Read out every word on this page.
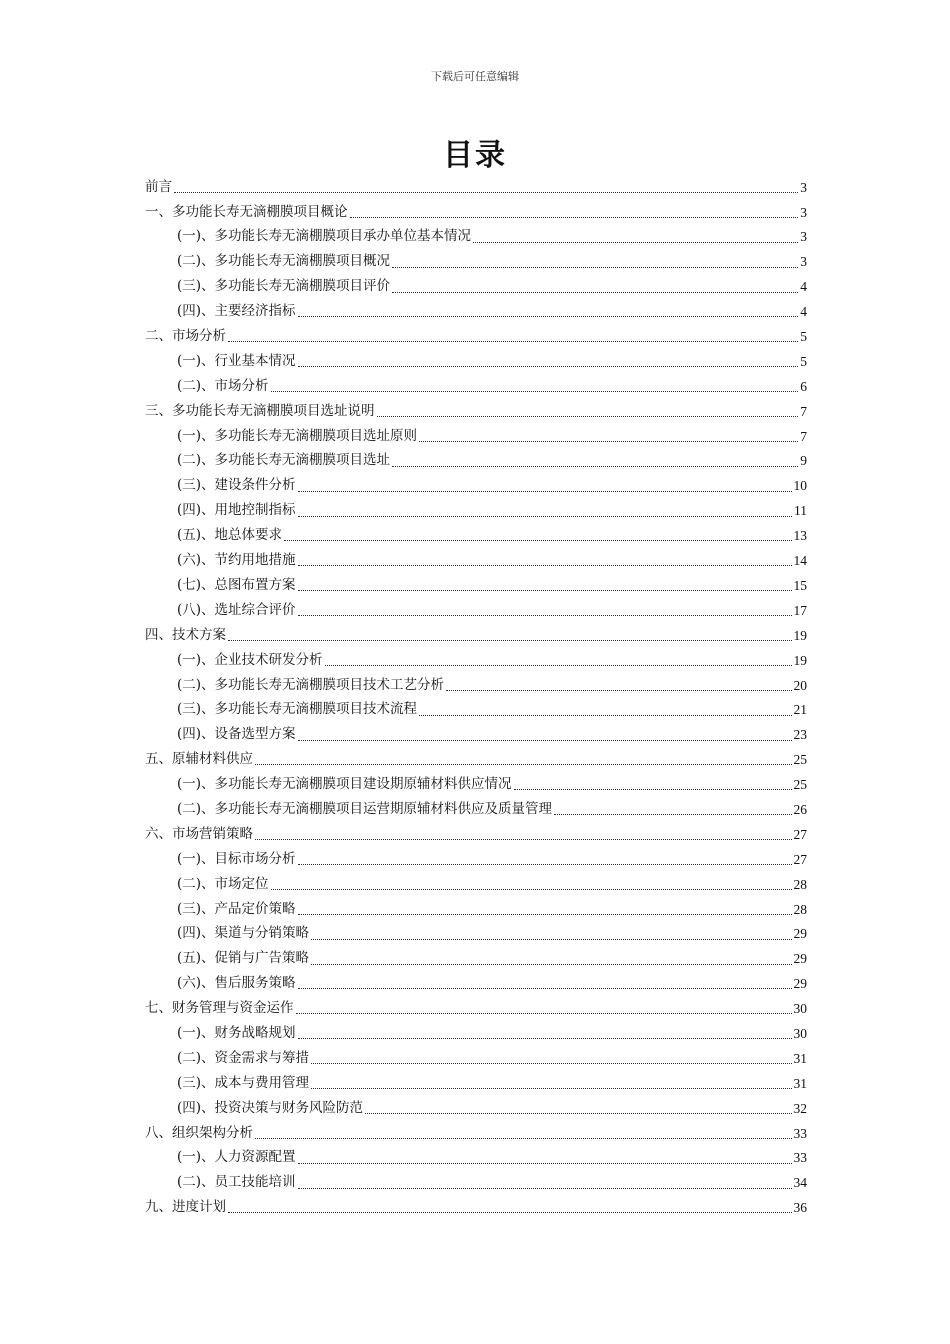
下载后可任意编辑
目录
前言	3
一、多功能长寿无滴棚膜项目概论	3
(一)、多功能长寿无滴棚膜项目承办单位基本情况	3
(二)、多功能长寿无滴棚膜项目概况	3
(三)、多功能长寿无滴棚膜项目评价	4
(四)、主要经济指标	4
二、市场分析	5
(一)、行业基本情况	5
(二)、市场分析	6
三、多功能长寿无滴棚膜项目选址说明	7
(一)、多功能长寿无滴棚膜项目选址原则	7
(二)、多功能长寿无滴棚膜项目选址	9
(三)、建设条件分析	10
(四)、用地控制指标	11
(五)、地总体要求	13
(六)、节约用地措施	14
(七)、总图布置方案	15
(八)、选址综合评价	17
四、技术方案	19
(一)、企业技术研发分析	19
(二)、多功能长寿无滴棚膜项目技术工艺分析	20
(三)、多功能长寿无滴棚膜项目技术流程	21
(四)、设备选型方案	23
五、原辅材料供应	25
(一)、多功能长寿无滴棚膜项目建设期原辅材料供应情况	25
(二)、多功能长寿无滴棚膜项目运营期原辅材料供应及质量管理	26
六、市场营销策略	27
(一)、目标市场分析	27
(二)、市场定位	28
(三)、产品定价策略	28
(四)、渠道与分销策略	29
(五)、促销与广告策略	29
(六)、售后服务策略	29
七、财务管理与资金运作	30
(一)、财务战略规划	30
(二)、资金需求与筹措	31
(三)、成本与费用管理	31
(四)、投资决策与财务风险防范	32
八、组织架构分析	33
(一)、人力资源配置	33
(二)、员工技能培训	34
九、进度计划	36
